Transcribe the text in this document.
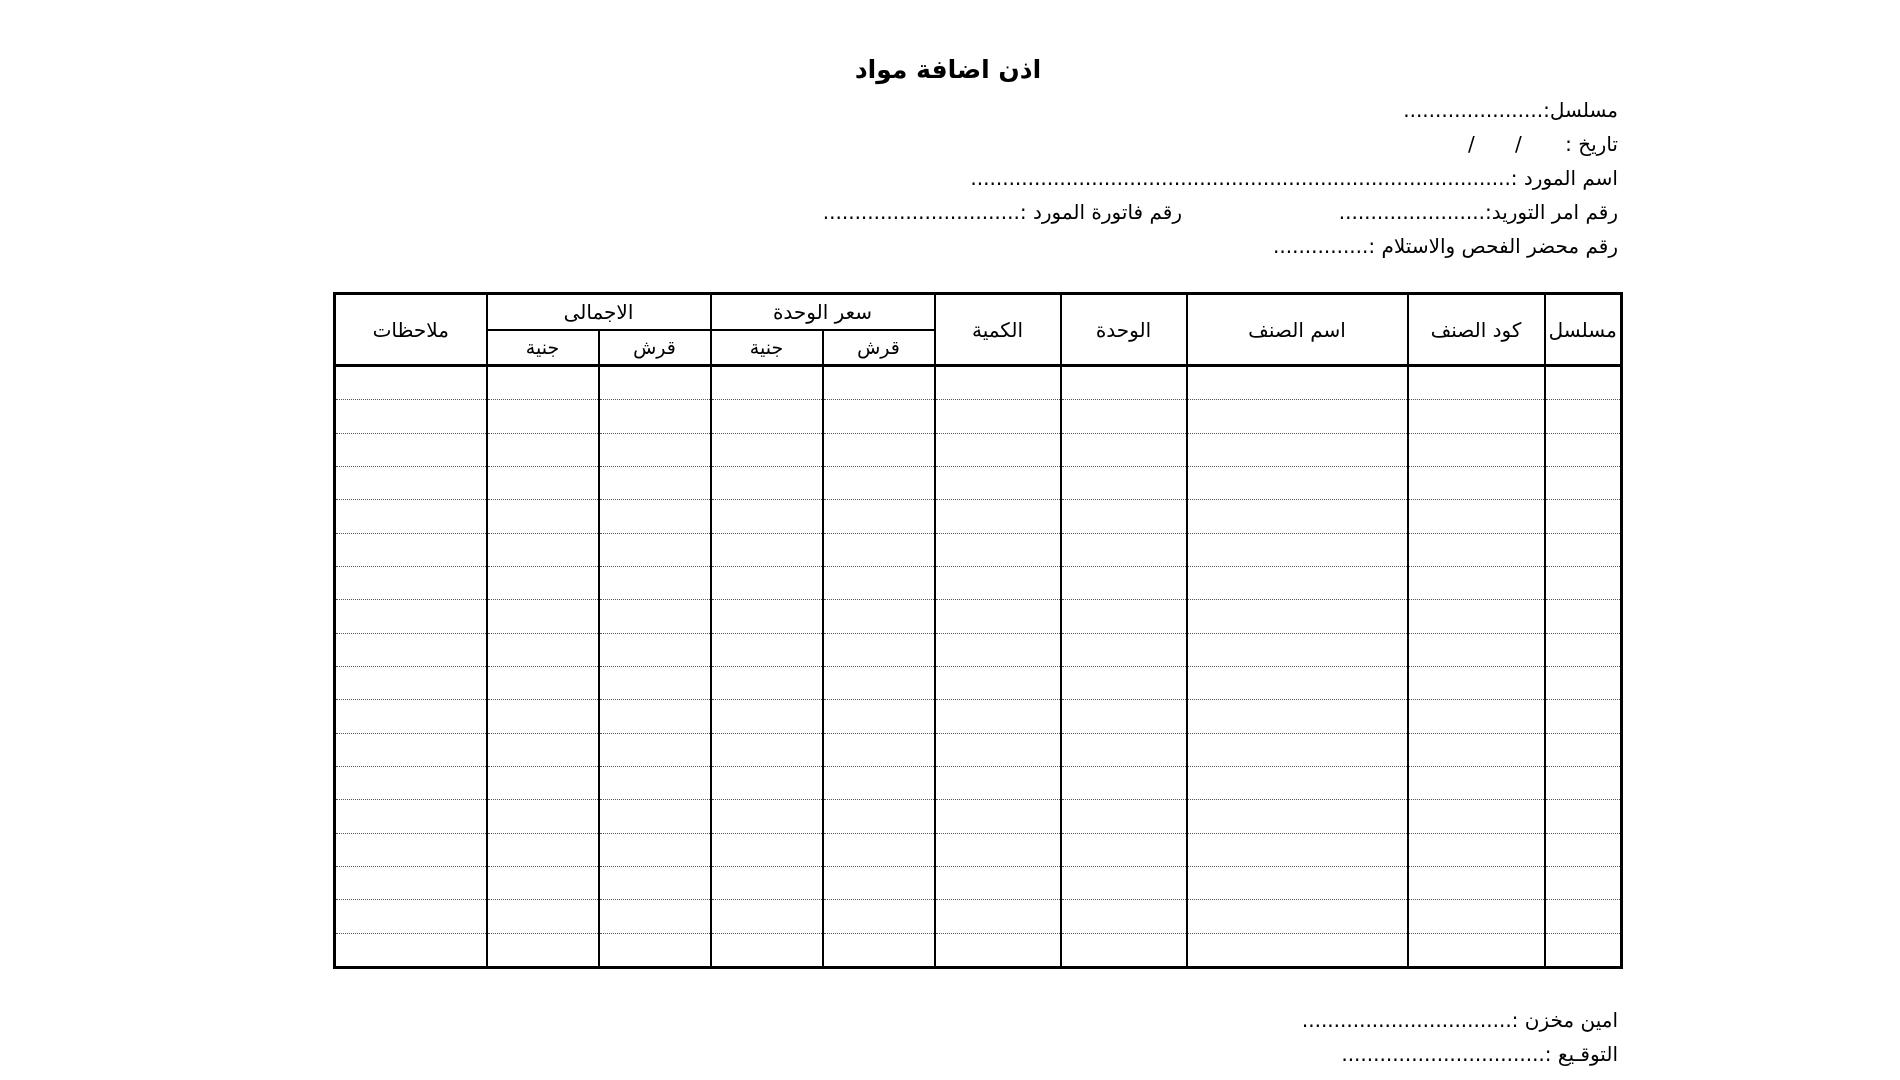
اذن اضافة مواد
مسلسل:......................
تاريخ :
/
/
اسم المورد :.....................................................................................
رقم امر التوريد:.......................
رقم فاتورة المورد :...............................
رقم محضر الفحص والاستلام :...............
مسلسل	كود الصنف	اسم الصنف	الوحدة	الكمية	سعر الوحدة		الاجمالى		ملاحظات
					قرش	جنية	قرش	جنية	

امين مخزن :.................................
التوقـيع :................................
